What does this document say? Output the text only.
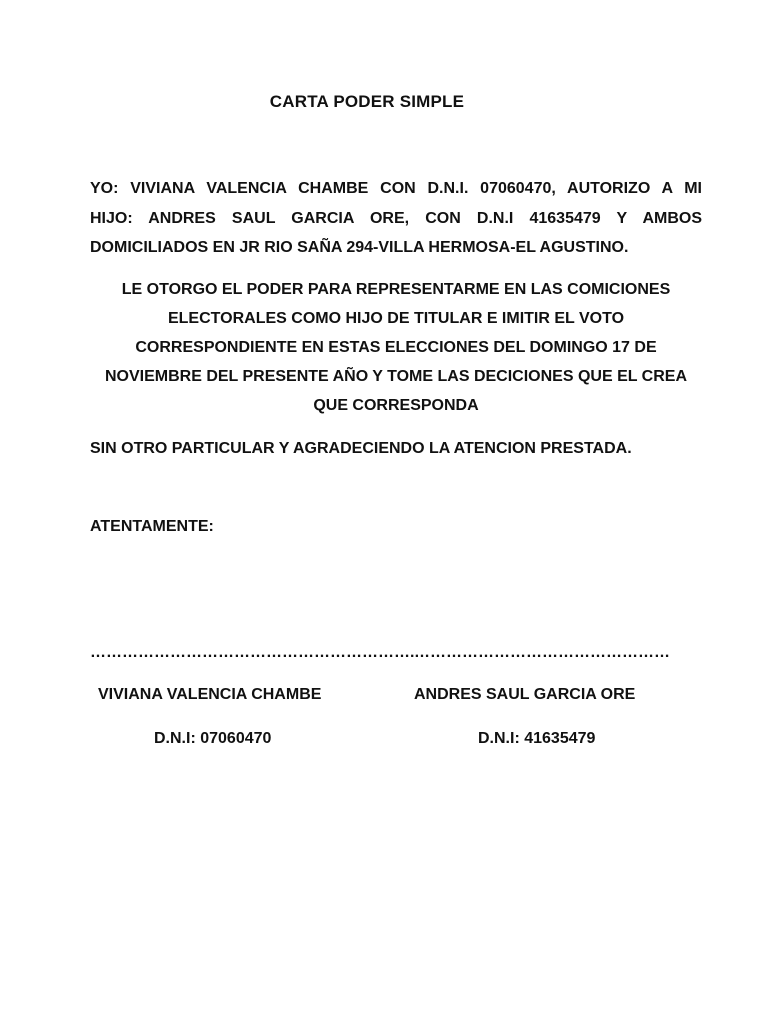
CARTA PODER SIMPLE
YO: VIVIANA VALENCIA CHAMBE CON D.N.I. 07060470, AUTORIZO A MI
HIJO: ANDRES SAUL GARCIA ORE, CON D.N.I 41635479 Y AMBOS
DOMICILIADOS EN JR RIO SAÑA 294-VILLA HERMOSA-EL AGUSTINO.
LE OTORGO EL PODER PARA REPRESENTARME EN LAS COMICIONES ELECTORALES COMO HIJO DE TITULAR E IMITIR EL VOTO CORRESPONDIENTE EN ESTAS ELECCIONES DEL DOMINGO 17 DE NOVIEMBRE DEL PRESENTE AÑO Y TOME LAS DECICIONES QUE EL CREA QUE CORRESPONDA
SIN OTRO PARTICULAR Y AGRADECIENDO LA ATENCION PRESTADA.
ATENTAMENTE:
……………………………………………………. …………………………………………
VIVIANA VALENCIA CHAMBE	ANDRES SAUL GARCIA ORE
D.N.I: 07060470	D.N.I: 41635479
